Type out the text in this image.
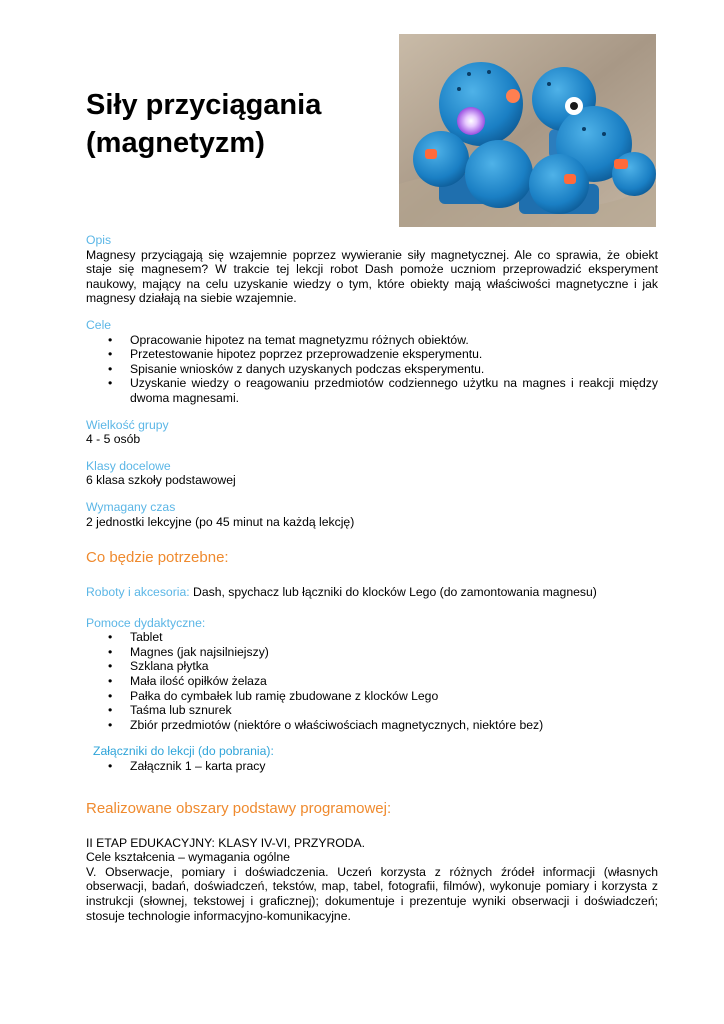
Siły przyciągania (magnetyzm)
Opis

Magnesy przyciągają się wzajemnie poprzez wywieranie siły magnetycznej. Ale co sprawia, że obiekt staje się magnesem? W trakcie tej lekcji robot Dash pomoże uczniom przeprowadzić eksperyment naukowy, mający na celu uzyskanie wiedzy o tym, które obiekty mają właściwości magnetyczne i jak magnesy działają na siebie wzajemnie.

Cele
• Opracowanie hipotez na temat magnetyzmu różnych obiektów.
• Przetestowanie hipotez poprzez przeprowadzenie eksperymentu.
• Spisanie wniosków z danych uzyskanych podczas eksperymentu.
• Uzyskanie wiedzy o reagowaniu przedmiotów codziennego użytku na magnes i reakcji między dwoma magnesami.
Wielkość grupy
4 - 5 osób
Klasy docelowe
6 klasa szkoły podstawowej
Wymagany czas
2 jednostki lekcyjne (po 45 minut na każdą lekcję)
Co będzie potrzebne:
Roboty i akcesoria: Dash, spychacz lub łączniki do klocków Lego (do zamontowania magnesu)
Pomoce dydaktyczne:
• Tablet
• Magnes (jak najsilniejszy)
• Szklana płytka
• Mała ilość opiłków żelaza
• Pałka do cymbałek lub ramię zbudowane z klocków Lego
• Taśma lub sznurek
• Zbiór przedmiotów (niektóre o właściwościach magnetycznych, niektóre bez)
Załączniki do lekcji (do pobrania):
• Załącznik 1 – karta pracy
Realizowane obszary podstawy programowej:

II ETAP EDUKACYJNY: KLASY IV-VI, PRZYRODA.

Cele kształcenia – wymagania ogólne

V. Obserwacje, pomiary i doświadczenia. Uczeń korzysta z różnych źródeł informacji (własnych obserwacji, badań, doświadczeń, tekstów, map, tabel, fotografii, filmów), wykonuje pomiary i korzysta z instrukcji (słownej, tekstowej i graficznej); dokumentuje i prezentuje wyniki obserwacji i doświadczeń; stosuje technologie informacyjno-komunikacyjne.
